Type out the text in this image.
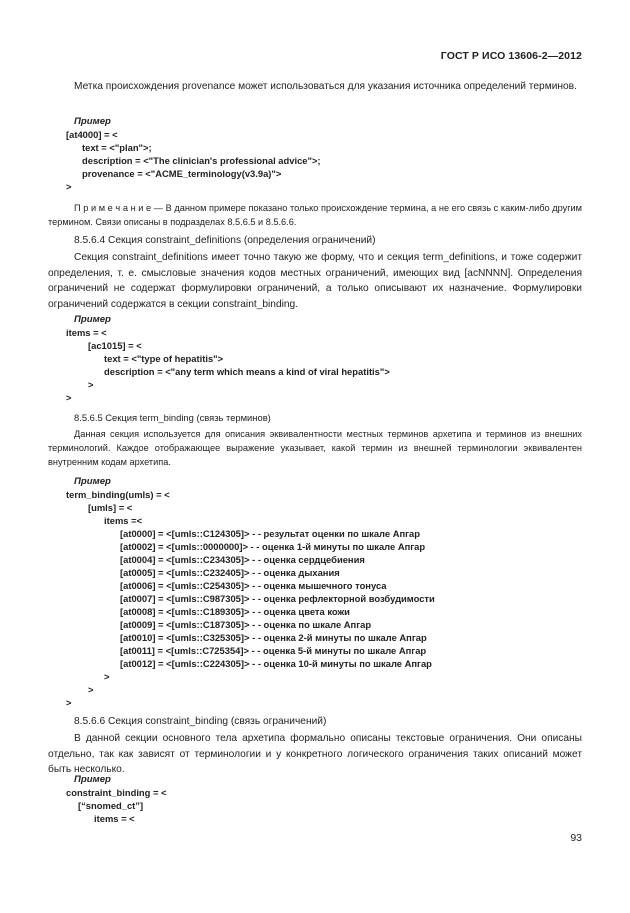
ГОСТ Р ИСО 13606-2—2012
Метка происхождения provenance может использоваться для указания источника определений терминов.
Пример
[at4000] = <
text = <"plan">;
description = <"The clinician's professional advice">;
provenance = <"ACME_terminology(v3.9a)">
>
П р и м е ч а н и е — В данном примере показано только происхождение термина, а не его связь с каким-либо другим термином. Связи описаны в подразделах 8.5.6.5 и 8.5.6.6.
8.5.6.4 Секция constraint_definitions (определения ограничений)
Секция constraint_definitions имеет точно такую же форму, что и секция term_definitions, и тоже содержит определения, т. е. смысловые значения кодов местных ограничений, имеющих вид [acNNNN]. Определения ограничений не содержат формулировки ограничений, а только описывают их назначение. Формулировки ограничений содержатся в секции constraint_binding.
Пример
items = <
[ac1015] = <
text = <"type of hepatitis">
description = <"any term which means a kind of viral hepatitis">
>
>
8.5.6.5 Секция term_binding (связь терминов)
Данная секция используется для описания эквивалентности местных терминов архетипа и терминов из внешних терминологий. Каждое отображающее выражение указывает, какой термин из внешней терминологии эквивалентен внутренним кодам архетипа.
Пример
term_binding(umls) = <
[umls] = <
items =<
[at0000] = <[umls::C124305]> - - результат оценки по шкале Апгар
[at0002] = <[umls::0000000]> - - оценка 1-й минуты по шкале Апгар
[at0004] = <[umls::C234305]> - - оценка сердцебиения
[at0005] = <[umls::C232405]> - - оценка дыхания
[at0006] = <[umls::C254305]> - - оценка мышечного тонуса
[at0007] = <[umls::C987305]> - - оценка рефлекторной возбудимости
[at0008] = <[umls::C189305]> - - оценка цвета кожи
[at0009] = <[umls::C187305]> - - оценка по шкале Апгар
[at0010] = <[umls::C325305]> - - оценка 2-й минуты по шкале Апгар
[at0011] = <[umls::C725354]> - - оценка 5-й минуты по шкале Апгар
[at0012] = <[umls::C224305]> - - оценка 10-й минуты по шкале Апгар
>
>
>
8.5.6.6 Секция constraint_binding (связь ограничений)
В данной секции основного тела архетипа формально описаны текстовые ограничения. Они описаны отдельно, так как зависят от терминологии и у конкретного логического ограничения таких описаний может быть несколько.
Пример
constraint_binding = <
[“snomed_ct”]
items = <
93
